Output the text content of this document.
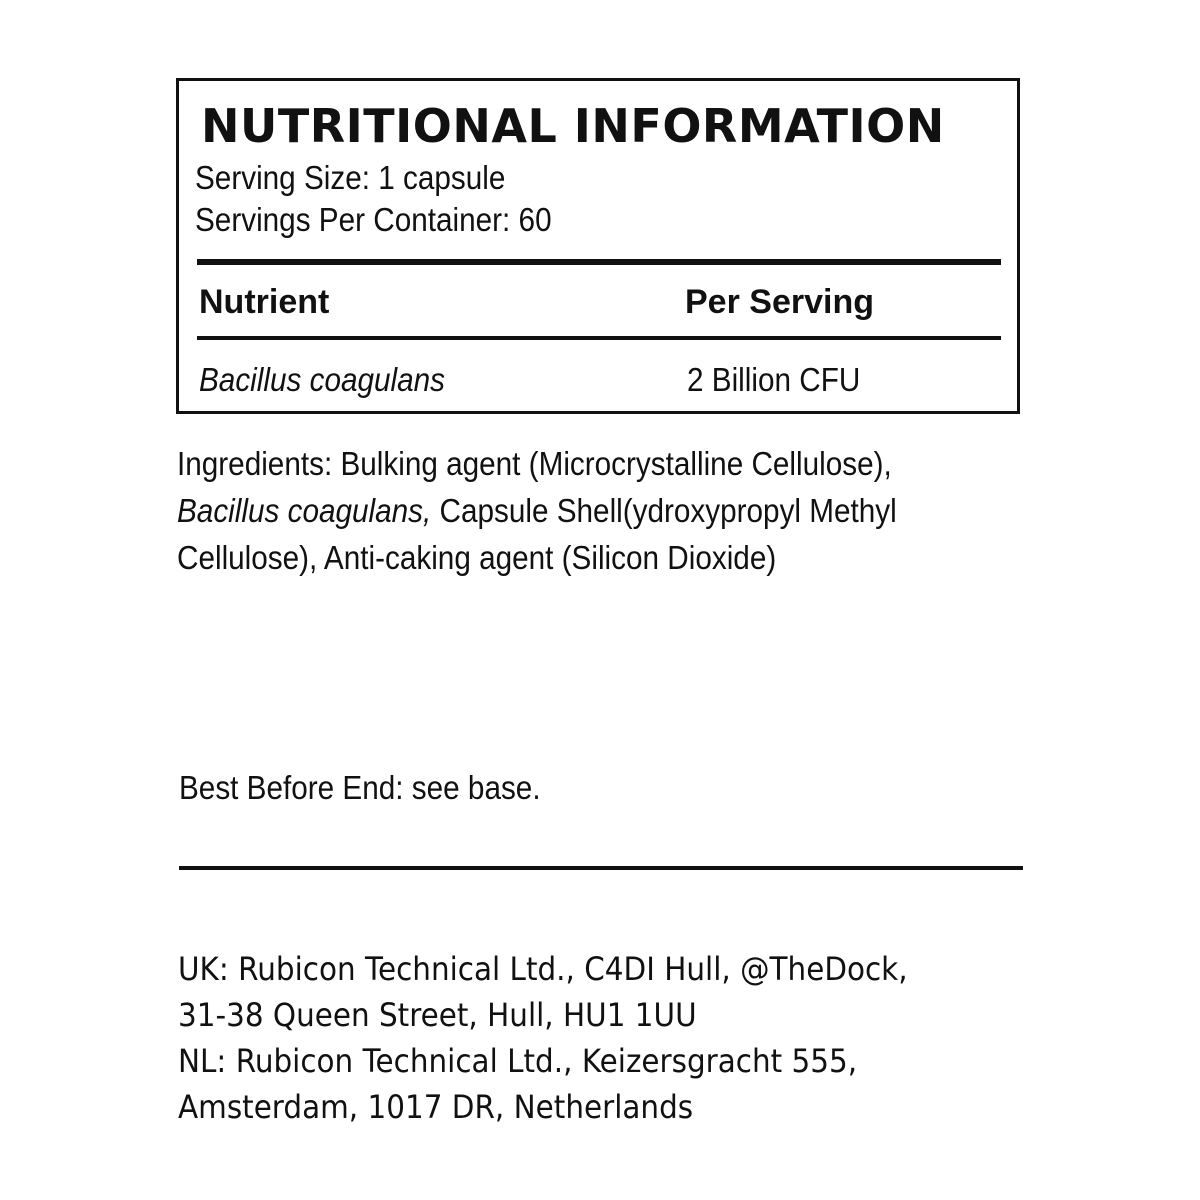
NUTRITIONAL INFORMATION
Serving Size: 1 capsule
Servings Per Container: 60
Nutrient	Per Serving
Bacillus coagulans	2 Billion CFU
Ingredients: Bulking agent (Microcrystalline Cellulose),
Bacillus coagulans, Capsule Shell(ydroxypropyl Methyl
Cellulose), Anti-caking agent (Silicon Dioxide)
Best Before End: see base.
UK: Rubicon Technical Ltd., C4DI Hull, @TheDock,
31-38 Queen Street, Hull, HU1 1UU
NL: Rubicon Technical Ltd., Keizersgracht 555,
Amsterdam, 1017 DR, Netherlands
